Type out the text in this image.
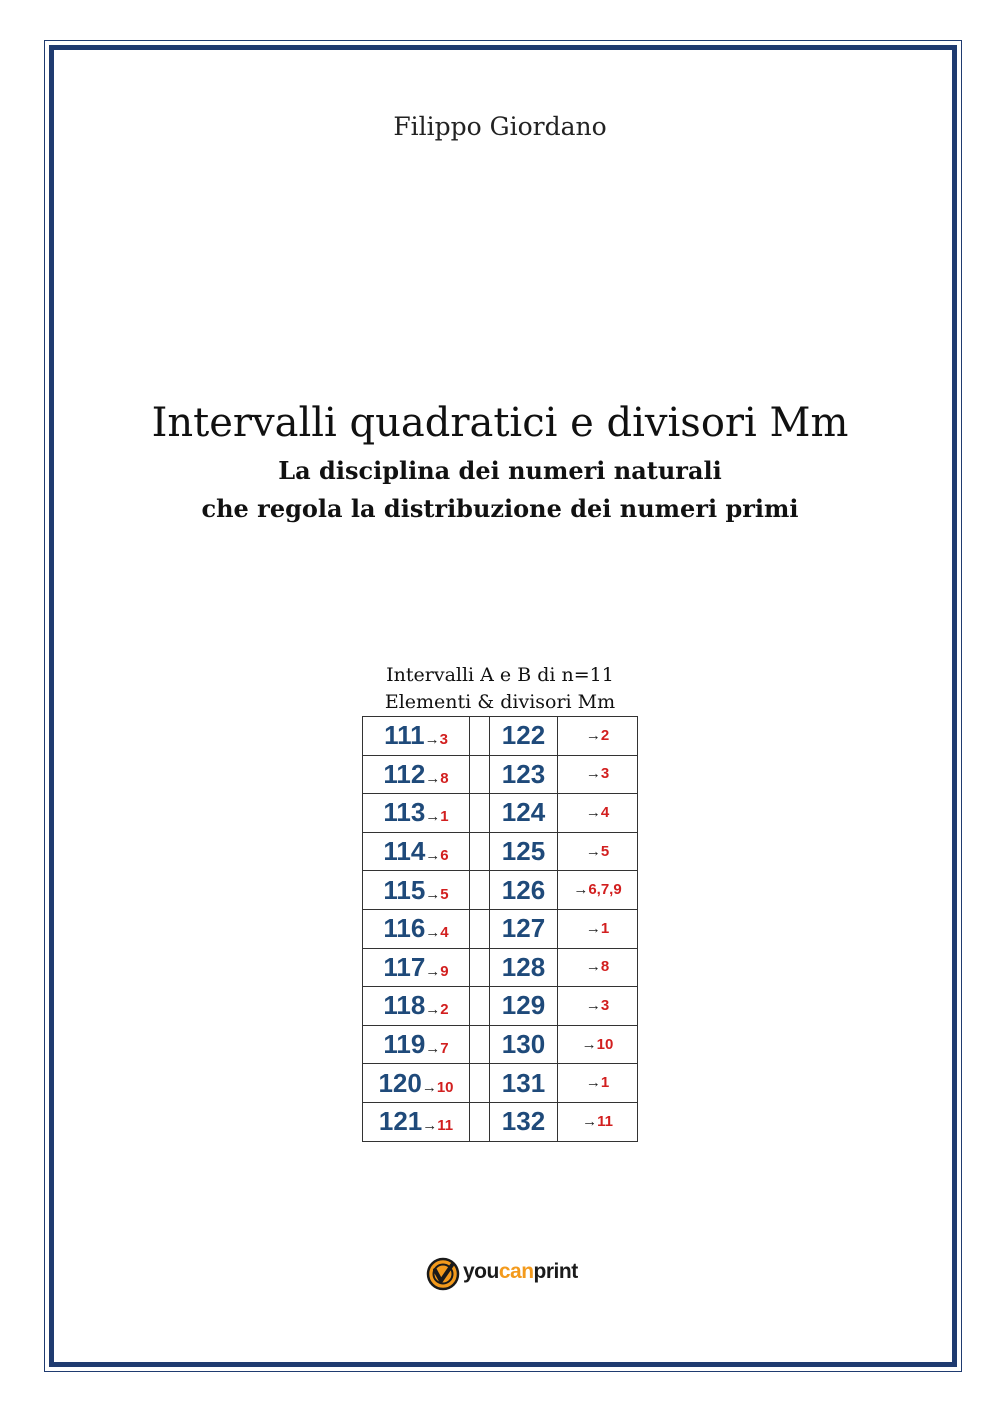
Filippo Giordano
Intervalli quadratici e divisori Mm
La disciplina dei numeri naturali
che regola la distribuzione dei numeri primi
Intervalli A e B di n=11
Elementi & divisori Mm
111→3		122	→2
112→8		123	→3
113→1		124	→4
114→6		125	→5
115→5		126	→6,7,9
116→4		127	→1
117→9		128	→8
118→2		129	→3
119→7		130	→10
120→10		131	→1
121→11		132	→11
youcanprint
